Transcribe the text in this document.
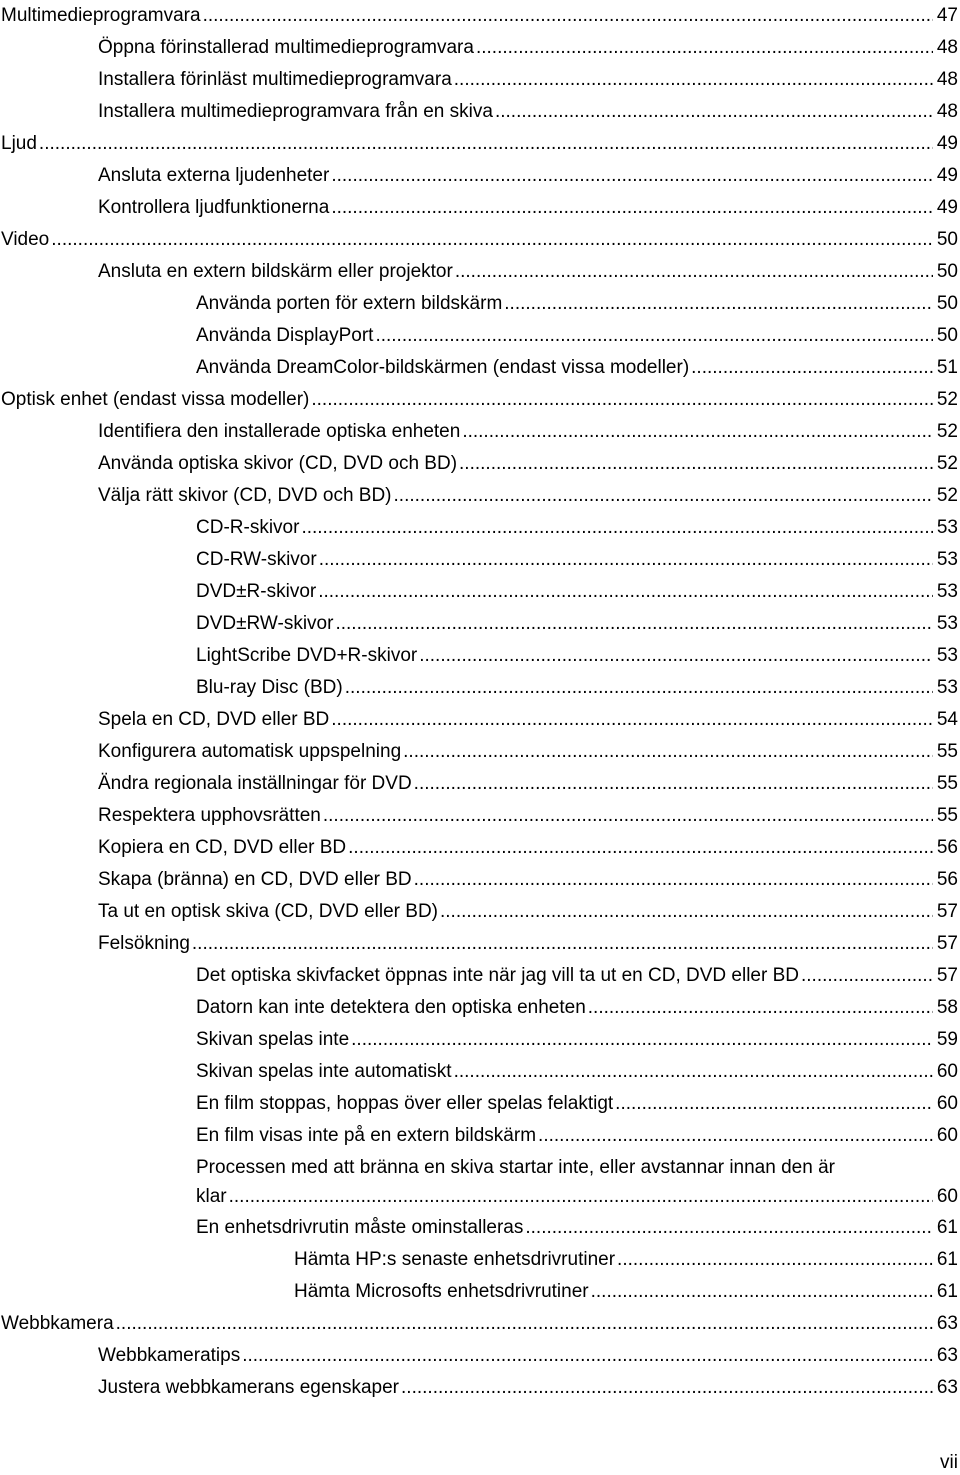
Multimedieprogramvara .....	47
Öppna förinstallerad multimedieprogramvara .....	48
Installera förinläst multimedieprogramvara .....	48
Installera multimedieprogramvara från en skiva .....	48
Ljud .....	49
Ansluta externa ljudenheter .....	49
Kontrollera ljudfunktionerna .....	49
Video .....	50
Ansluta en extern bildskärm eller projektor .....	50
Använda porten för extern bildskärm .....	50
Använda DisplayPort .....	50
Använda DreamColor-bildskärmen (endast vissa modeller) .....	51
Optisk enhet (endast vissa modeller) .....	52
Identifiera den installerade optiska enheten .....	52
Använda optiska skivor (CD, DVD och BD) .....	52
Välja rätt skivor (CD, DVD och BD) .....	52
CD-R-skivor .....	53
CD-RW-skivor .....	53
DVD±R-skivor .....	53
DVD±RW-skivor .....	53
LightScribe DVD+R-skivor .....	53
Blu-ray Disc (BD) .....	53
Spela en CD, DVD eller BD .....	54
Konfigurera automatisk uppspelning .....	55
Ändra regionala inställningar för DVD .....	55
Respektera upphovsrätten .....	55
Kopiera en CD, DVD eller BD .....	56
Skapa (bränna) en CD, DVD eller BD .....	56
Ta ut en optisk skiva (CD, DVD eller BD) .....	57
Felsökning .....	57
Det optiska skivfacket öppnas inte när jag vill ta ut en CD, DVD eller BD .....	57
Datorn kan inte detektera den optiska enheten .....	58
Skivan spelas inte .....	59
Skivan spelas inte automatiskt .....	60
En film stoppas, hoppas över eller spelas felaktigt .....	60
En film visas inte på en extern bildskärm .....	60
Processen med att bränna en skiva startar inte, eller avstannar innan den är
klar .....	60
En enhetsdrivrutin måste ominstalleras .....	61
Hämta HP:s senaste enhetsdrivrutiner .....	61
Hämta Microsofts enhetsdrivrutiner .....	61
Webbkamera .....	63
Webbkameratips .....	63
Justera webbkamerans egenskaper .....	63
vii
